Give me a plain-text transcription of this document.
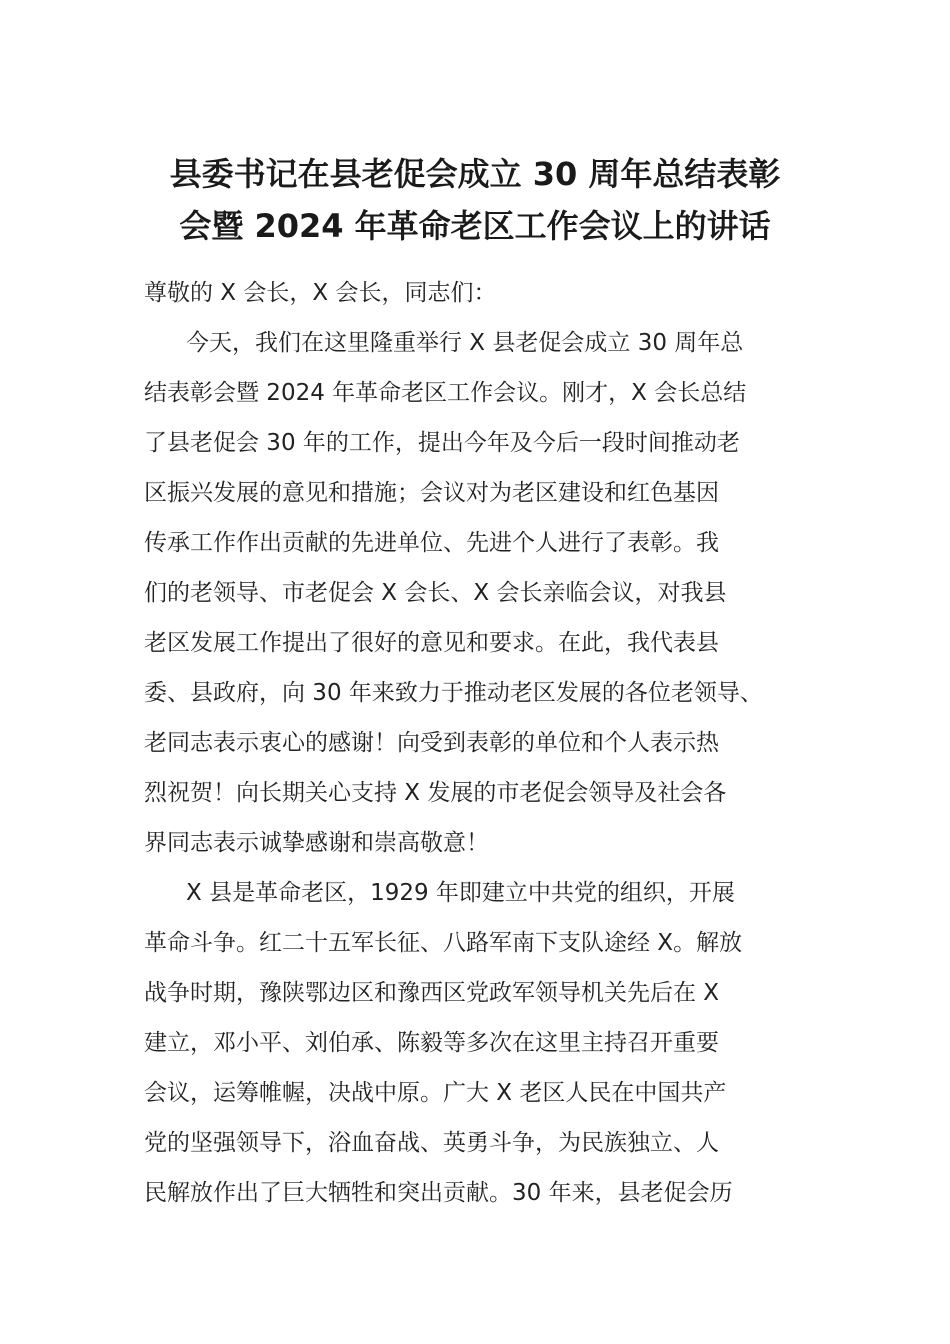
县委书记在县老促会成立 30 周年总结表彰
会暨 2024 年革命老区工作会议上的讲话
尊敬的 X 会长，X 会长，同志们：
今天，我们在这里隆重举行 X 县老促会成立 30 周年总
结表彰会暨 2024 年革命老区工作会议。刚才，X 会长总结
了县老促会 30 年的工作，提出今年及今后一段时间推动老
区振兴发展的意见和措施；会议对为老区建设和红色基因
传承工作作出贡献的先进单位、先进个人进行了表彰。我
们的老领导、市老促会 X 会长、X 会长亲临会议，对我县
老区发展工作提出了很好的意见和要求。在此，我代表县
委、县政府，向 30 年来致力于推动老区发展的各位老领导、
老同志表示衷心的感谢！向受到表彰的单位和个人表示热
烈祝贺！向长期关心支持 X 发展的市老促会领导及社会各
界同志表示诚挚感谢和崇高敬意！
X 县是革命老区，1929 年即建立中共党的组织，开展
革命斗争。红二十五军长征、八路军南下支队途经 X。解放
战争时期，豫陕鄂边区和豫西区党政军领导机关先后在 X
建立，邓小平、刘伯承、陈毅等多次在这里主持召开重要
会议，运筹帷幄，决战中原。广大 X 老区人民在中国共产
党的坚强领导下，浴血奋战、英勇斗争，为民族独立、人
民解放作出了巨大牺牲和突出贡献。30 年来，县老促会历
